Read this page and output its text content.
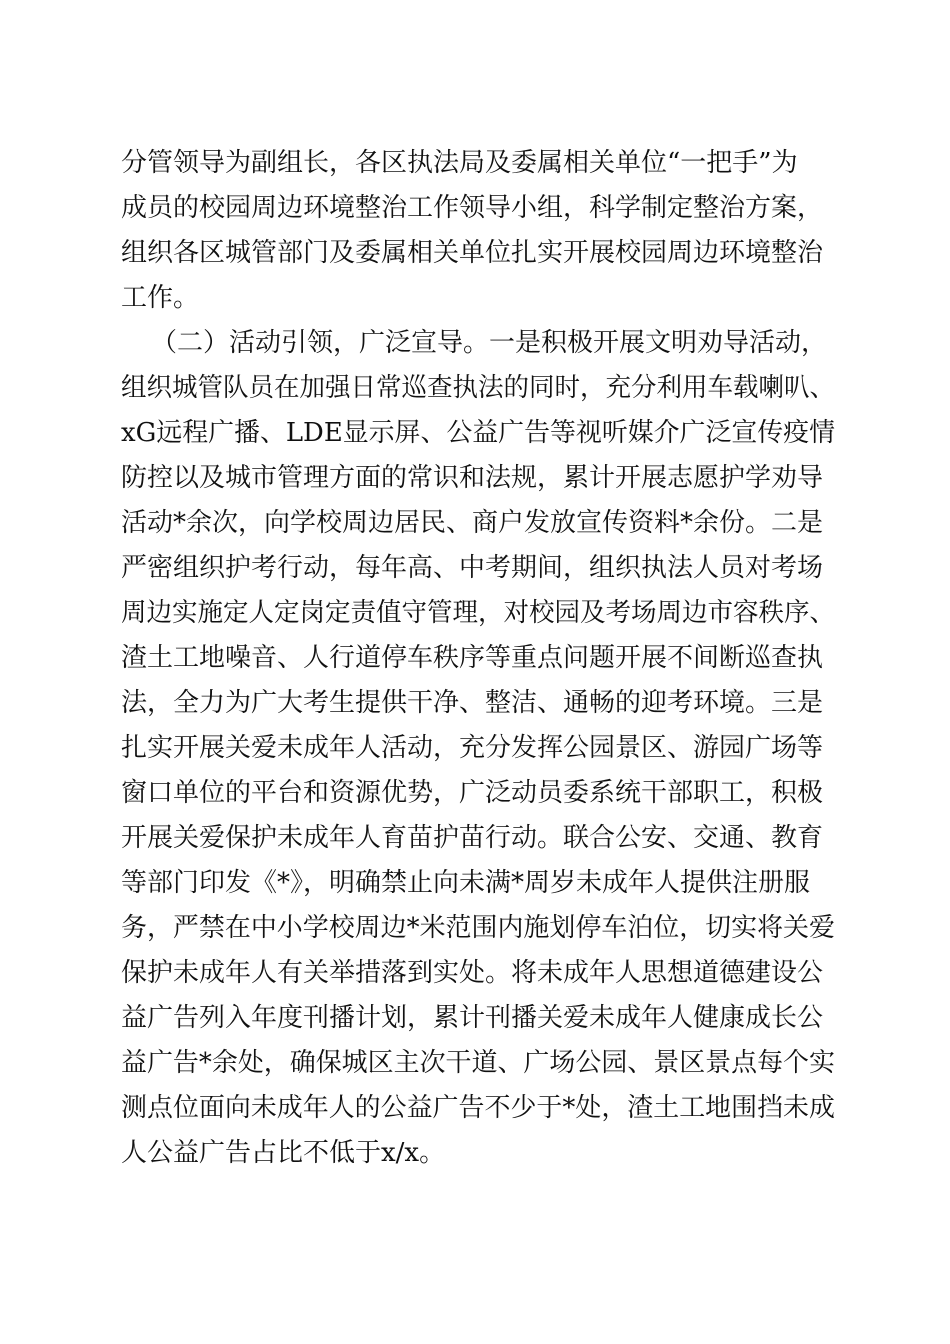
分管领导为副组长，各区执法局及委属相关单位“一把手”为
成员的校园周边环境整治工作领导小组，科学制定整治方案，
组织各区城管部门及委属相关单位扎实开展校园周边环境整治
工作。
（二）活动引领，广泛宣导。一是积极开展文明劝导活动，
组织城管队员在加强日常巡查执法的同时，充分利用车载喇叭、
xG远程广播、LDE显示屏、公益广告等视听媒介广泛宣传疫情
防控以及城市管理方面的常识和法规，累计开展志愿护学劝导
活动*余次，向学校周边居民、商户发放宣传资料*余份。二是
严密组织护考行动，每年高、中考期间，组织执法人员对考场
周边实施定人定岗定责值守管理，对校园及考场周边市容秩序、
渣土工地噪音、人行道停车秩序等重点问题开展不间断巡查执
法，全力为广大考生提供干净、整洁、通畅的迎考环境。三是
扎实开展关爱未成年人活动，充分发挥公园景区、游园广场等
窗口单位的平台和资源优势，广泛动员委系统干部职工，积极
开展关爱保护未成年人育苗护苗行动。联合公安、交通、教育
等部门印发《*》，明确禁止向未满*周岁未成年人提供注册服
务，严禁在中小学校周边*米范围内施划停车泊位，切实将关爱
保护未成年人有关举措落到实处。将未成年人思想道德建设公
益广告列入年度刊播计划，累计刊播关爱未成年人健康成长公
益广告*余处，确保城区主次干道、广场公园、景区景点每个实
测点位面向未成年人的公益广告不少于*处，渣土工地围挡未成
人公益广告占比不低于x/x。
